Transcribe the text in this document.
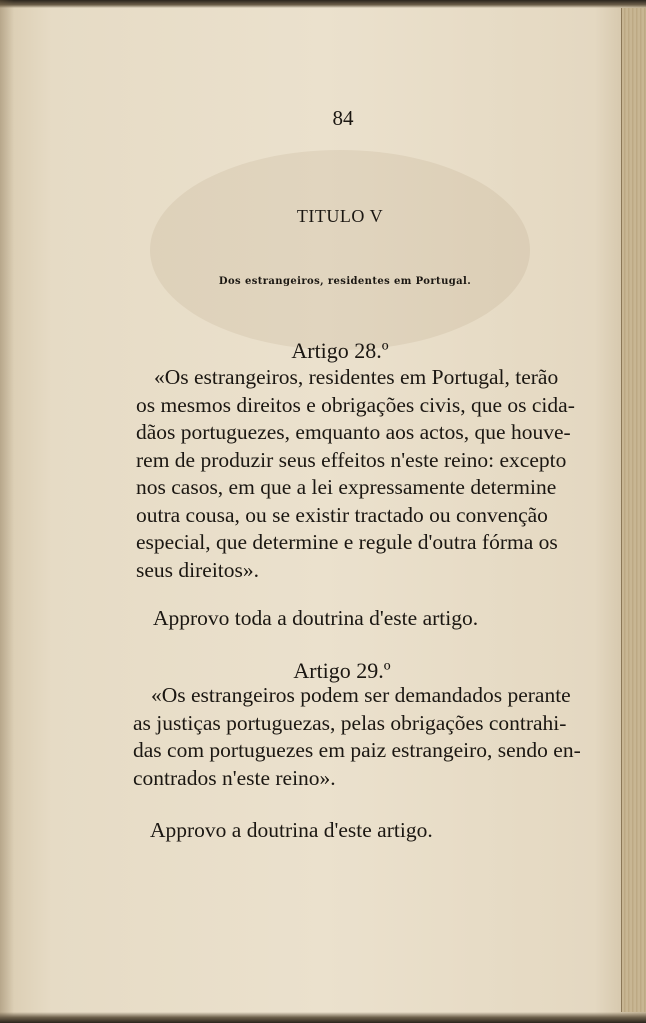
84
TITULO V
Dos estrangeiros, residentes em Portugal.
Artigo 28.º
«Os estrangeiros, residentes em Portugal, terão
os mesmos direitos e obrigações civis, que os cida-
dãos portuguezes, emquanto aos actos, que houve-
rem de produzir seus effeitos n'este reino: excepto
nos casos, em que a lei expressamente determine
outra cousa, ou se existir tractado ou convenção
especial, que determine e regule d'outra fórma os
seus direitos».
Approvo toda a doutrina d'este artigo.
Artigo 29.º
«Os estrangeiros podem ser demandados perante
as justiças portuguezas, pelas obrigações contrahi-
das com portuguezes em paiz estrangeiro, sendo en-
contrados n'este reino».
Approvo a doutrina d'este artigo.
